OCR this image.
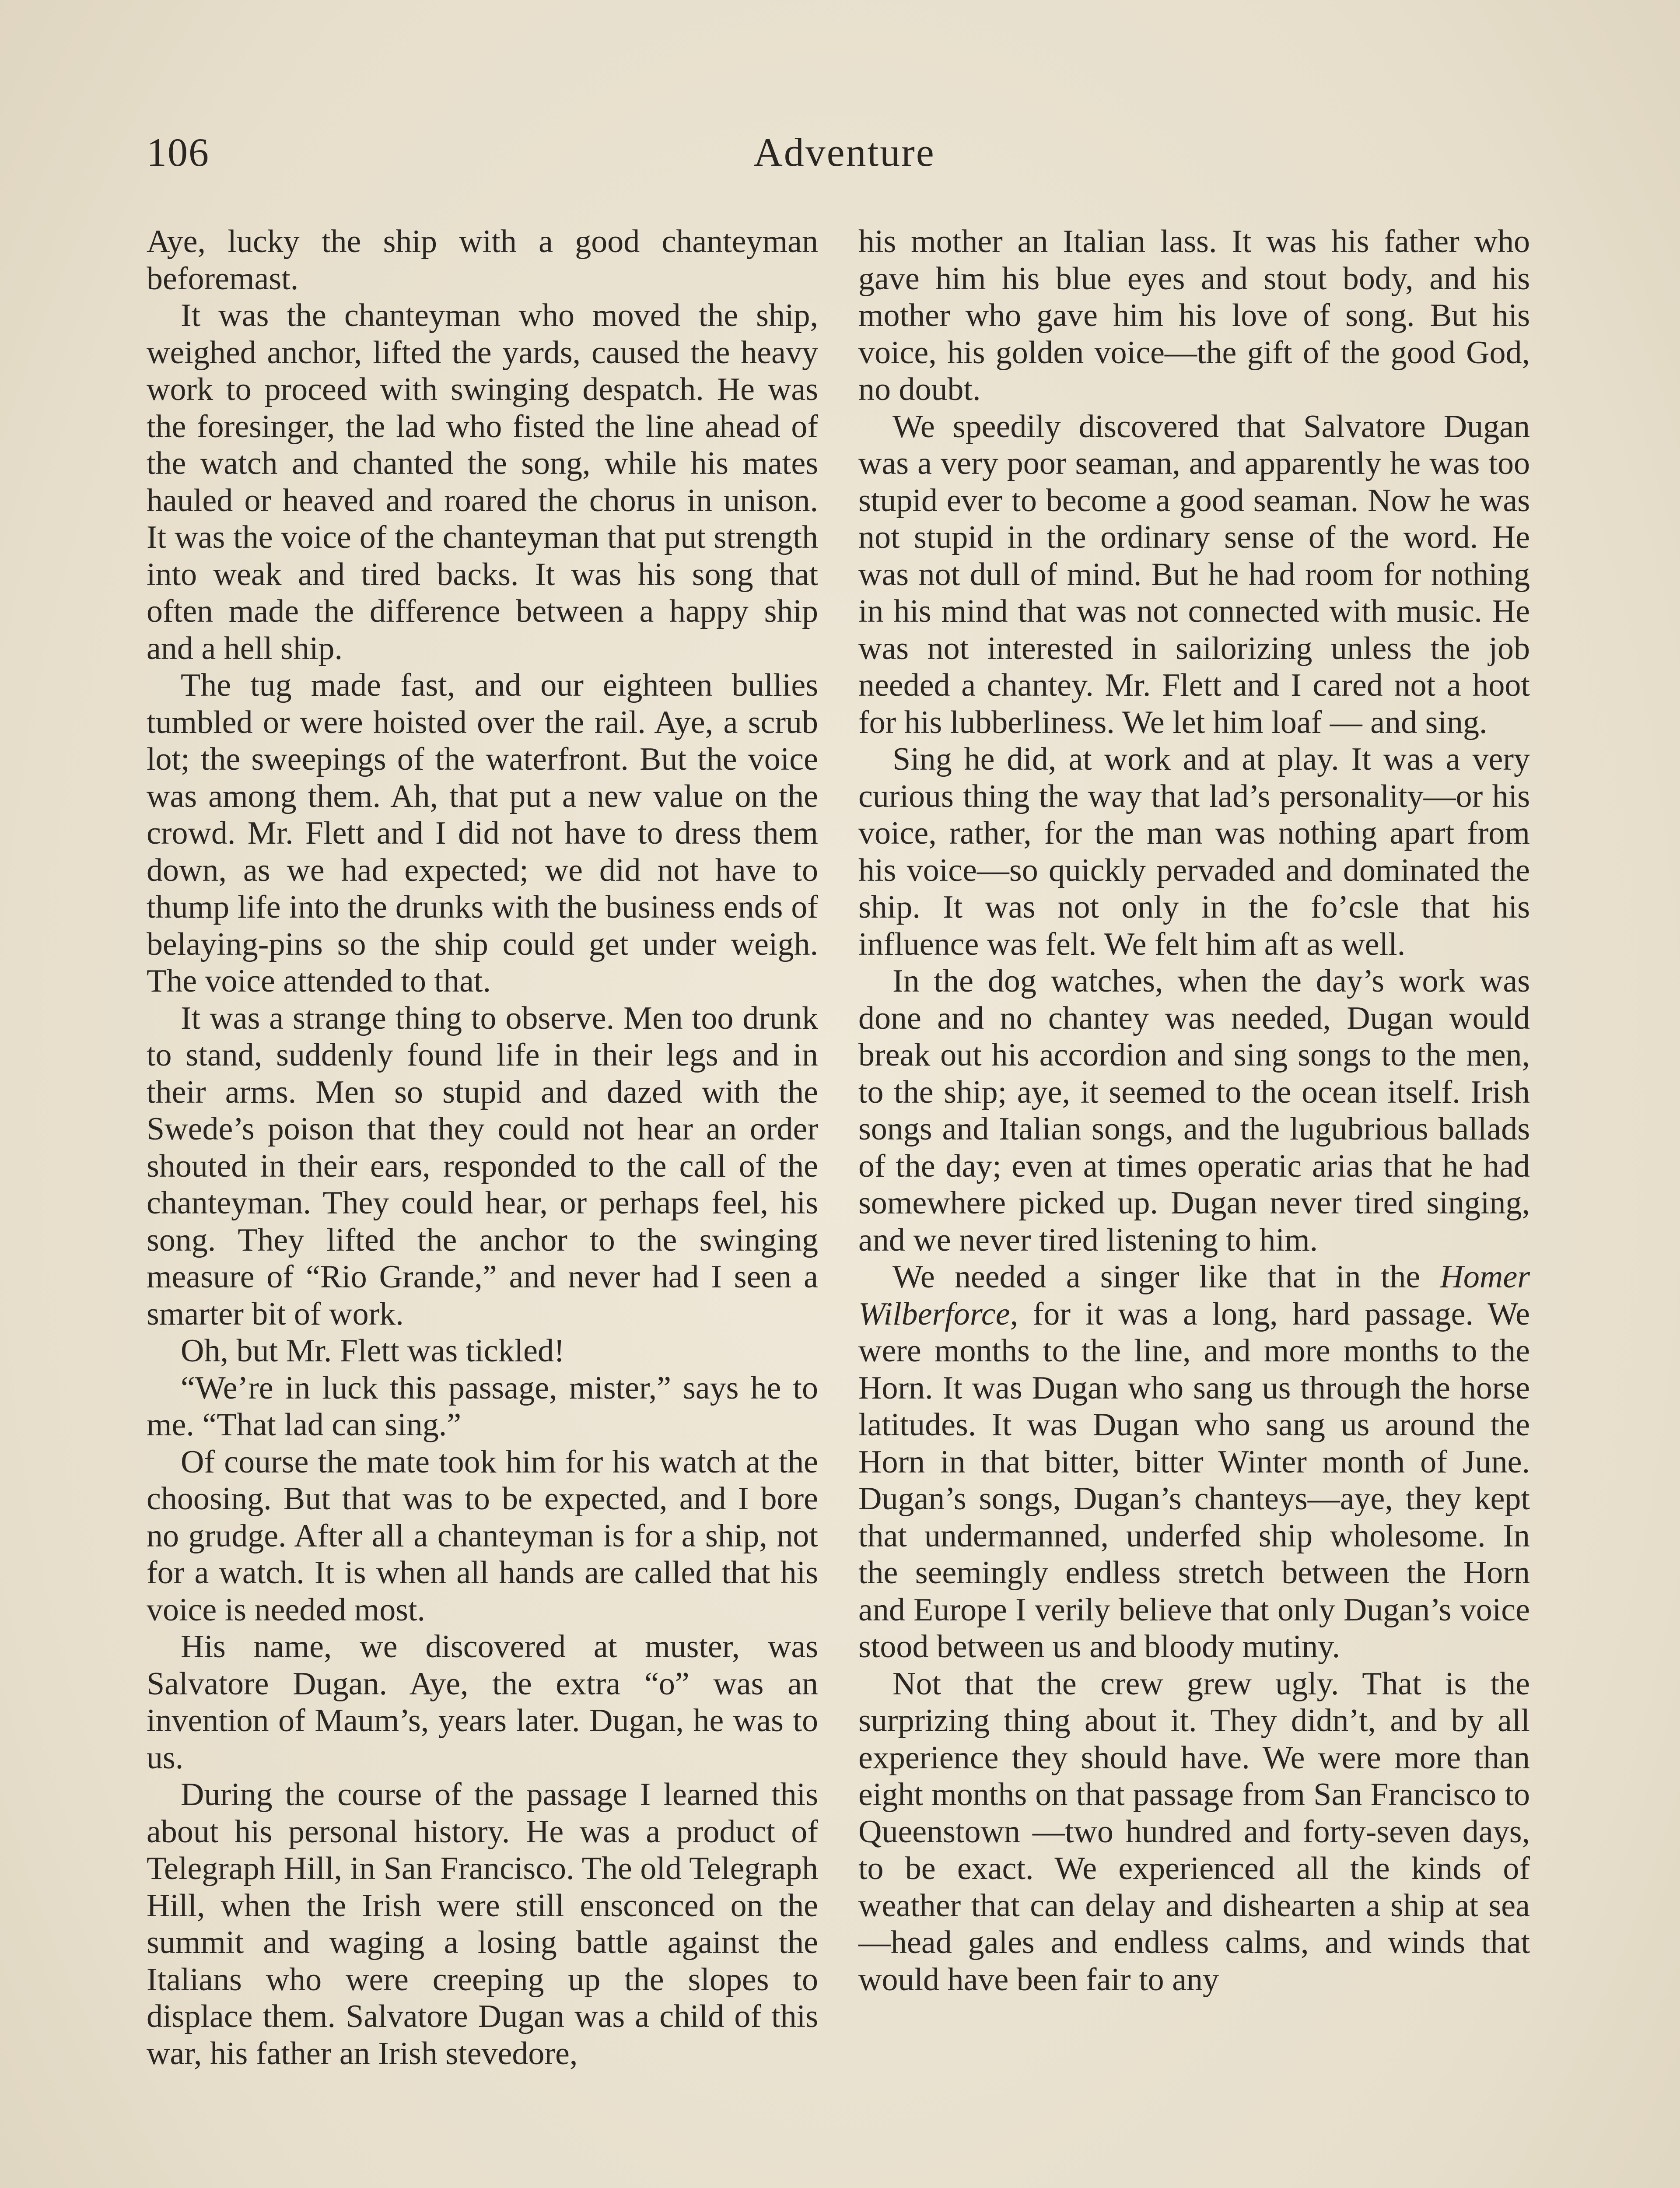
106	Adventure

Aye, lucky the ship with a good chanteyman beforemast.

It was the chanteyman who moved the ship, weighed anchor, lifted the yards, caused the heavy work to proceed with swinging despatch. He was the foresinger, the lad who fisted the line ahead of the watch and chanted the song, while his mates hauled or heaved and roared the chorus in unison. It was the voice of the chanteyman that put strength into weak and tired backs. It was his song that often made the difference between a happy ship and a hell ship.

The tug made fast, and our eighteen bullies tumbled or were hoisted over the rail. Aye, a scrub lot; the sweepings of the waterfront. But the voice was among them. Ah, that put a new value on the crowd. Mr. Flett and I did not have to dress them down, as we had expected; we did not have to thump life into the drunks with the business ends of belaying-pins so the ship could get under weigh. The voice attended to that.

It was a strange thing to observe. Men too drunk to stand, suddenly found life in their legs and in their arms. Men so stupid and dazed with the Swede’s poison that they could not hear an order shouted in their ears, responded to the call of the chanteyman. They could hear, or perhaps feel, his song. They lifted the anchor to the swinging measure of “Rio Grande,” and never had I seen a smarter bit of work.

Oh, but Mr. Flett was tickled!

“We’re in luck this passage, mister,” says he to me. “That lad can sing.”

Of course the mate took him for his watch at the choosing. But that was to be expected, and I bore no grudge. After all a chanteyman is for a ship, not for a watch. It is when all hands are called that his voice is needed most.

His name, we discovered at muster, was Salvatore Dugan. Aye, the extra “o” was an invention of Maum’s, years later. Dugan, he was to us.

During the course of the passage I learned this about his personal history. He was a product of Telegraph Hill, in San Francisco. The old Telegraph Hill, when the Irish were still ensconced on the summit and waging a losing battle against the Italians who were creeping up the slopes to displace them. Salvatore Dugan was a child of this war, his father an Irish stevedore,

his mother an Italian lass. It was his father who gave him his blue eyes and stout body, and his mother who gave him his love of song. But his voice, his golden voice—the gift of the good God, no doubt.

We speedily discovered that Salvatore Dugan was a very poor seaman, and apparently he was too stupid ever to become a good seaman. Now he was not stupid in the ordinary sense of the word. He was not dull of mind. But he had room for nothing in his mind that was not connected with music. He was not interested in sailorizing unless the job needed a chantey. Mr. Flett and I cared not a hoot for his lubberliness. We let him loaf — and sing.

Sing he did, at work and at play. It was a very curious thing the way that lad’s personality—or his voice, rather, for the man was nothing apart from his voice—so quickly pervaded and dominated the ship. It was not only in the fo’csle that his influence was felt. We felt him aft as well.

In the dog watches, when the day’s work was done and no chantey was needed, Dugan would break out his accordion and sing songs to the men, to the ship; aye, it seemed to the ocean itself. Irish songs and Italian songs, and the lugubrious ballads of the day; even at times operatic arias that he had somewhere picked up. Dugan never tired singing, and we never tired listening to him.

We needed a singer like that in the Homer Wilberforce, for it was a long, hard passage. We were months to the line, and more months to the Horn. It was Dugan who sang us through the horse latitudes. It was Dugan who sang us around the Horn in that bitter, bitter Winter month of June. Dugan’s songs, Dugan’s chanteys—aye, they kept that undermanned, underfed ship wholesome. In the seemingly endless stretch between the Horn and Europe I verily believe that only Dugan’s voice stood between us and bloody mutiny.

Not that the crew grew ugly. That is the surprizing thing about it. They didn’t, and by all experience they should have. We were more than eight months on that passage from San Francisco to Queenstown —two hundred and forty-seven days, to be exact. We experienced all the kinds of weather that can delay and dishearten a ship at sea—head gales and endless calms, and winds that would have been fair to any
